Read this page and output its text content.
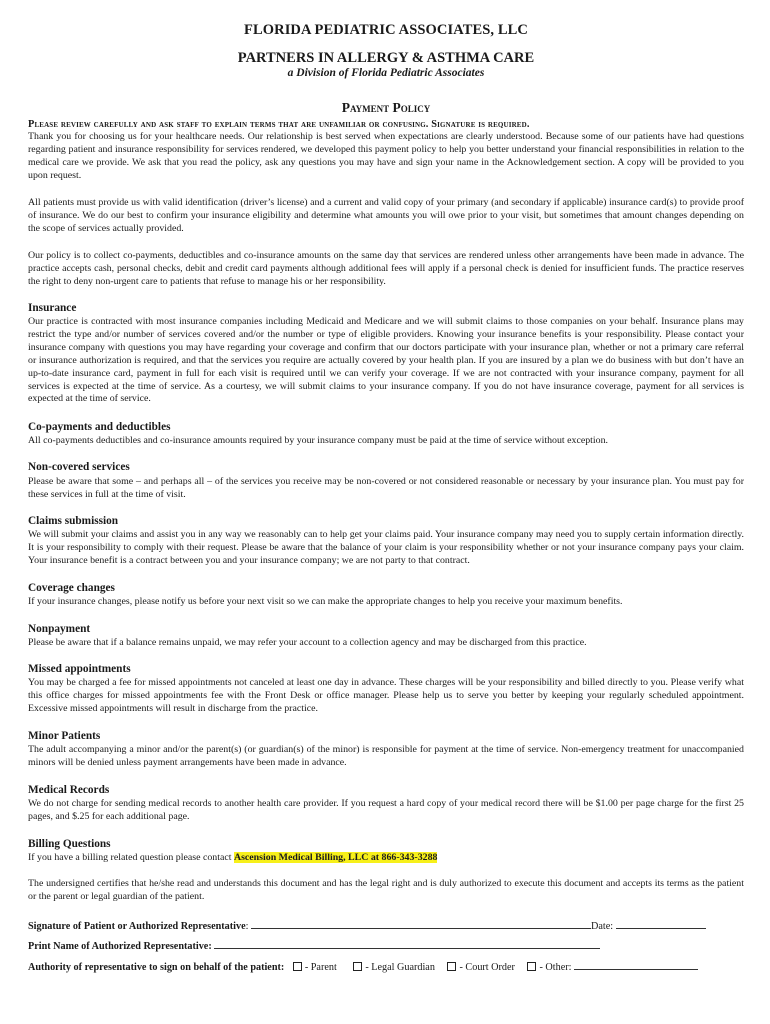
FLORIDA PEDIATRIC ASSOCIATES, LLC
PARTNERS IN ALLERGY & ASTHMA CARE
a Division of Florida Pediatric Associates
Payment Policy
Please review carefully and ask staff to explain terms that are unfamiliar or confusing. Signature is required.
Thank you for choosing us for your healthcare needs. Our relationship is best served when expectations are clearly understood. Because some of our patients have had questions regarding patient and insurance responsibility for services rendered, we developed this payment policy to help you better understand your financial responsibilities in relation to the medical care we provide. We ask that you read the policy, ask any questions you may have and sign your name in the Acknowledgement section. A copy will be provided to you upon request.
All patients must provide us with valid identification (driver’s license) and a current and valid copy of your primary (and secondary if applicable) insurance card(s) to provide proof of insurance. We do our best to confirm your insurance eligibility and determine what amounts you will owe prior to your visit, but sometimes that amount changes depending on the scope of services actually provided.
Our policy is to collect co-payments, deductibles and co-insurance amounts on the same day that services are rendered unless other arrangements have been made in advance. The practice accepts cash, personal checks, debit and credit card payments although additional fees will apply if a personal check is denied for insufficient funds. The practice reserves the right to deny non-urgent care to patients that refuse to manage his or her responsibility.
Insurance
Our practice is contracted with most insurance companies including Medicaid and Medicare and we will submit claims to those companies on your behalf. Insurance plans may restrict the type and/or number of services covered and/or the number or type of eligible providers. Knowing your insurance benefits is your responsibility. Please contact your insurance company with questions you may have regarding your coverage and confirm that our doctors participate with your insurance plan, whether or not a primary care referral or insurance authorization is required, and that the services you require are actually covered by your health plan. If you are insured by a plan we do business with but don’t have an up-to-date insurance card, payment in full for each visit is required until we can verify your coverage. If we are not contracted with your insurance company, payment for all services is expected at the time of service. As a courtesy, we will submit claims to your insurance company. If you do not have insurance coverage, payment for all services is expected at the time of service.
Co-payments and deductibles
All co-payments deductibles and co-insurance amounts required by your insurance company must be paid at the time of service without exception.
Non-covered services
Please be aware that some – and perhaps all – of the services you receive may be non-covered or not considered reasonable or necessary by your insurance plan. You must pay for these services in full at the time of visit.
Claims submission
We will submit your claims and assist you in any way we reasonably can to help get your claims paid. Your insurance company may need you to supply certain information directly. It is your responsibility to comply with their request. Please be aware that the balance of your claim is your responsibility whether or not your insurance company pays your claim. Your insurance benefit is a contract between you and your insurance company; we are not party to that contract.
Coverage changes
If your insurance changes, please notify us before your next visit so we can make the appropriate changes to help you receive your maximum benefits.
Nonpayment
Please be aware that if a balance remains unpaid, we may refer your account to a collection agency and may be discharged from this practice.
Missed appointments
You may be charged a fee for missed appointments not canceled at least one day in advance. These charges will be your responsibility and billed directly to you. Please verify what this office charges for missed appointments fee with the Front Desk or office manager. Please help us to serve you better by keeping your regularly scheduled appointment. Excessive missed appointments will result in discharge from the practice.
Minor Patients
The adult accompanying a minor and/or the parent(s) (or guardian(s) of the minor) is responsible for payment at the time of service. Non-emergency treatment for unaccompanied minors will be denied unless payment arrangements have been made in advance.
Medical Records
We do not charge for sending medical records to another health care provider. If you request a hard copy of your medical record there will be $1.00 per page charge for the first 25 pages, and $.25 for each additional page.
Billing Questions
If you have a billing related question please contact Ascension Medical Billing, LLC at 866-343-3288
The undersigned certifies that he/she read and understands this document and has the legal right and is duly authorized to execute this document and accepts its terms as the patient or the parent or legal guardian of the patient.
Signature of Patient or Authorized Representative:	Date:
Print Name of Authorized Representative:
Authority of representative to sign on behalf of the patient: - Parent	- Legal Guardian - Court Order - Other:
